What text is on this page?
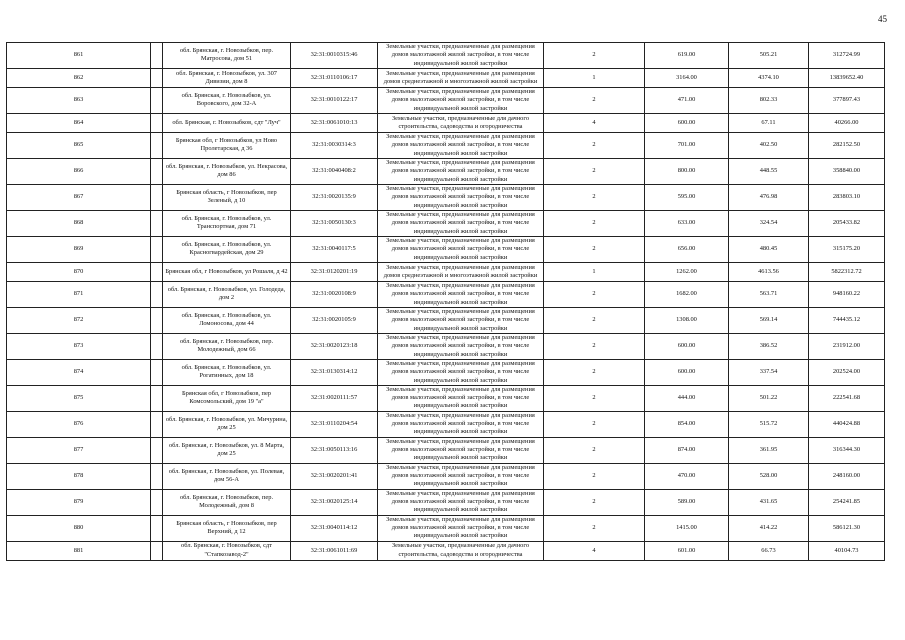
45
861		обл. Брянская, г. Новозыбков, пер. Матросова, дом 51	32:31:0010315:46	Земельные участки, предназначенные для размещения домов малоэтажной жилой застройки, в том числе индивидуальной жилой застройки	2	619.00	505.21	312724.99
862		обл. Брянская, г. Новозыбков, ул. 307 Дивизии, дом 8	32:31:0110106:17	Земельные участки, предназначенные для размещения домов среднеэтажной и многоэтажной жилой застройки	1	3164.00	4374.10	13839652.40
863		обл. Брянская, г. Новозыбков, ул. Воровского, дом 32-А	32:31:0010122:17	Земельные участки, предназначенные для размещения домов малоэтажной жилой застройки, в том числе индивидуальной жилой застройки	2	471.00	802.33	377897.43
864		обл. Брянская, г. Новозыбков, сдт "Луч"	32:31:0061010:13	Земельные участки, предназначенные для дачного строительства, садоводства и огородничества	4	600.00	67.11	40266.00
865		Брянская обл, г Новозыбков, ул Ново Пролетарская, д 36	32:31:0030314:3	Земельные участки, предназначенные для размещения домов малоэтажной жилой застройки, в том числе индивидуальной жилой застройки	2	701.00	402.50	282152.50
866		обл. Брянская, г. Новозыбков, ул. Некрасова, дом 86	32:31:0040408:2	Земельные участки, предназначенные для размещения домов малоэтажной жилой застройки, в том числе индивидуальной жилой застройки	2	800.00	448.55	358840.00
867		Брянская область, г Новозыбков, пер Зеленый, д 10	32:31:0020135:9	Земельные участки, предназначенные для размещения домов малоэтажной жилой застройки, в том числе индивидуальной жилой застройки	2	595.00	476.98	283803.10
868		обл. Брянская, г. Новозыбков, ул. Транспортная, дом 71	32:31:0050130:3	Земельные участки, предназначенные для размещения домов малоэтажной жилой застройки, в том числе индивидуальной жилой застройки	2	633.00	324.54	205433.82
869		обл. Брянская, г. Новозыбков, ул. Красногвардейская, дом 29	32:31:0040117:5	Земельные участки, предназначенные для размещения домов малоэтажной жилой застройки, в том числе индивидуальной жилой застройки	2	656.00	480.45	315175.20
870		Брянская обл, г Новозыбков, ул Рошаля, д 42	32:31:0120201:19	Земельные участки, предназначенные для размещения домов среднеэтажной и многоэтажной жилой застройки	1	1262.00	4613.56	5822312.72
871		обл. Брянская, г. Новозыбков, ул. Голодеда, дом 2	32:31:0020108:9	Земельные участки, предназначенные для размещения домов малоэтажной жилой застройки, в том числе индивидуальной жилой застройки	2	1682.00	563.71	948160.22
872		обл. Брянская, г. Новозыбков, ул. Ломоносова, дом 44	32:31:0020105:9	Земельные участки, предназначенные для размещения домов малоэтажной жилой застройки, в том числе индивидуальной жилой застройки	2	1308.00	569.14	744435.12
873		обл. Брянская, г. Новозыбков, пер. Молодежный, дом 66	32:31:0020123:18	Земельные участки, предназначенные для размещения домов малоэтажной жилой застройки, в том числе индивидуальной жилой застройки	2	600.00	386.52	231912.00
874		обл. Брянская, г. Новозыбков, ул. Рогатинных, дом 18	32:31:0130314:12	Земельные участки, предназначенные для размещения домов малоэтажной жилой застройки, в том числе индивидуальной жилой застройки	2	600.00	337.54	202524.00
875		Брянская обл, г Новозыбков, пер Комсомольский, дом 19 "а"	32:31:0020111:57	Земельные участки, предназначенные для размещения домов малоэтажной жилой застройки, в том числе индивидуальной жилой застройки	2	444.00	501.22	222541.68
876		обл. Брянская, г. Новозыбков, ул. Мичурина, дом 25	32:31:0110204:54	Земельные участки, предназначенные для размещения домов малоэтажной жилой застройки, в том числе индивидуальной жилой застройки	2	854.00	515.72	440424.88
877		обл. Брянская, г. Новозыбков, ул. 8 Марта, дом 25	32:31:0050113:16	Земельные участки, предназначенные для размещения домов малоэтажной жилой застройки, в том числе индивидуальной жилой застройки	2	874.00	361.95	316344.30
878		обл. Брянская, г. Новозыбков, ул. Полевая, дом 56-А	32:31:0020201:41	Земельные участки, предназначенные для размещения домов малоэтажной жилой застройки, в том числе индивидуальной жилой застройки	2	470.00	528.00	248160.00
879		обл. Брянская, г. Новозыбков, пер. Молодежный, дом 8	32:31:0020125:14	Земельные участки, предназначенные для размещения домов малоэтажной жилой застройки, в том числе индивидуальной жилой застройки	2	589.00	431.65	254241.85
880		Брянская область, г Новозыбков, пер Верхний, д 12	32:31:0040114:12	Земельные участки, предназначенные для размещения домов малоэтажной жилой застройки, в том числе индивидуальной жилой застройки	2	1415.00	414.22	586121.30
881		обл. Брянская, г. Новозыбков, сдт "Стапкозавод-2"	32:31:0061011:69	Земельные участки, предназначенные для дачного строительства, садоводства и огородничества	4	601.00	66.73	40104.73
